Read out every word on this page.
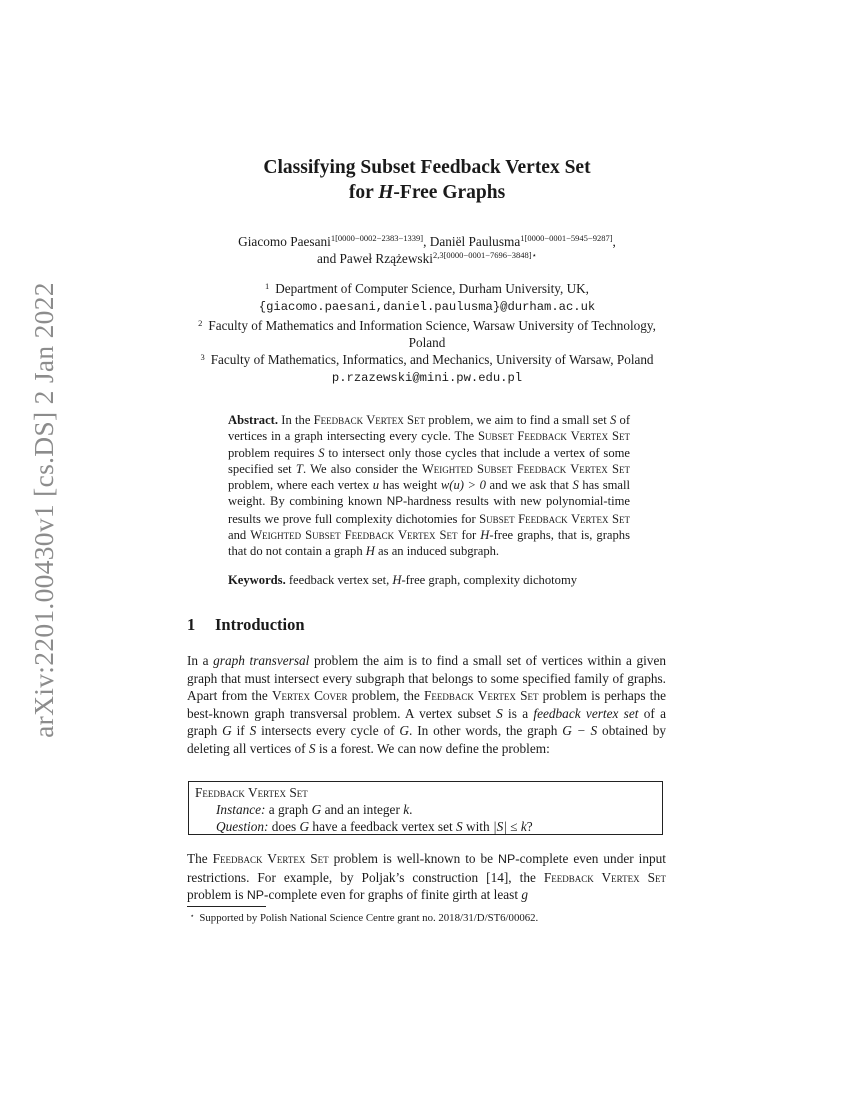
arXiv:2201.00430v1 [cs.DS] 2 Jan 2022
Classifying Subset Feedback Vertex Set
for H-Free Graphs
Giacomo Paesani$^{1[0000-0002-2383-1339]}$, Daniël Paulusma$^{1[0000-0001-5945-9287]}$,
and Paweł Rzążewski$^{2,3[0000-0001-7696-3848]⋆}$
$^1$ Department of Computer Science, Durham University, UK,
{giacomo.paesani,daniel.paulusma}@durham.ac.uk
$^2$ Faculty of Mathematics and Information Science, Warsaw University of Technology,
Poland
$^3$ Faculty of Mathematics, Informatics, and Mechanics, University of Warsaw, Poland
p.rzazewski@mini.pw.edu.pl
Abstract. In the Feedback Vertex Set problem, we aim to find a small set S of vertices in a graph intersecting every cycle. The Subset Feedback Vertex Set problem requires S to intersect only those cycles that include a vertex of some specified set T. We also consider the Weighted Subset Feedback Vertex Set problem, where each vertex u has weight w(u) > 0 and we ask that S has small weight. By combining known NP-hardness results with new polynomial-time results we prove full complexity dichotomies for Subset Feedback Vertex Set and Weighted Subset Feedback Vertex Set for H-free graphs, that is, graphs that do not contain a graph H as an induced subgraph.
Keywords. feedback vertex set, H-free graph, complexity dichotomy
1 Introduction
In a graph transversal problem the aim is to find a small set of vertices within a given graph that must intersect every subgraph that belongs to some specified family of graphs. Apart from the Vertex Cover problem, the Feedback Vertex Set problem is perhaps the best-known graph transversal problem. A vertex subset S is a feedback vertex set of a graph G if S intersects every cycle of G. In other words, the graph G − S obtained by deleting all vertices of S is a forest. We can now define the problem:
Feedback Vertex Set
Instance: a graph G and an integer k.
Question: does G have a feedback vertex set S with |S| ≤ k?
The Feedback Vertex Set problem is well-known to be NP-complete even under input restrictions. For example, by Poljak’s construction [14], the Feedback Vertex Set problem is NP-complete even for graphs of finite girth at least g
⋆ Supported by Polish National Science Centre grant no. 2018/31/D/ST6/00062.
